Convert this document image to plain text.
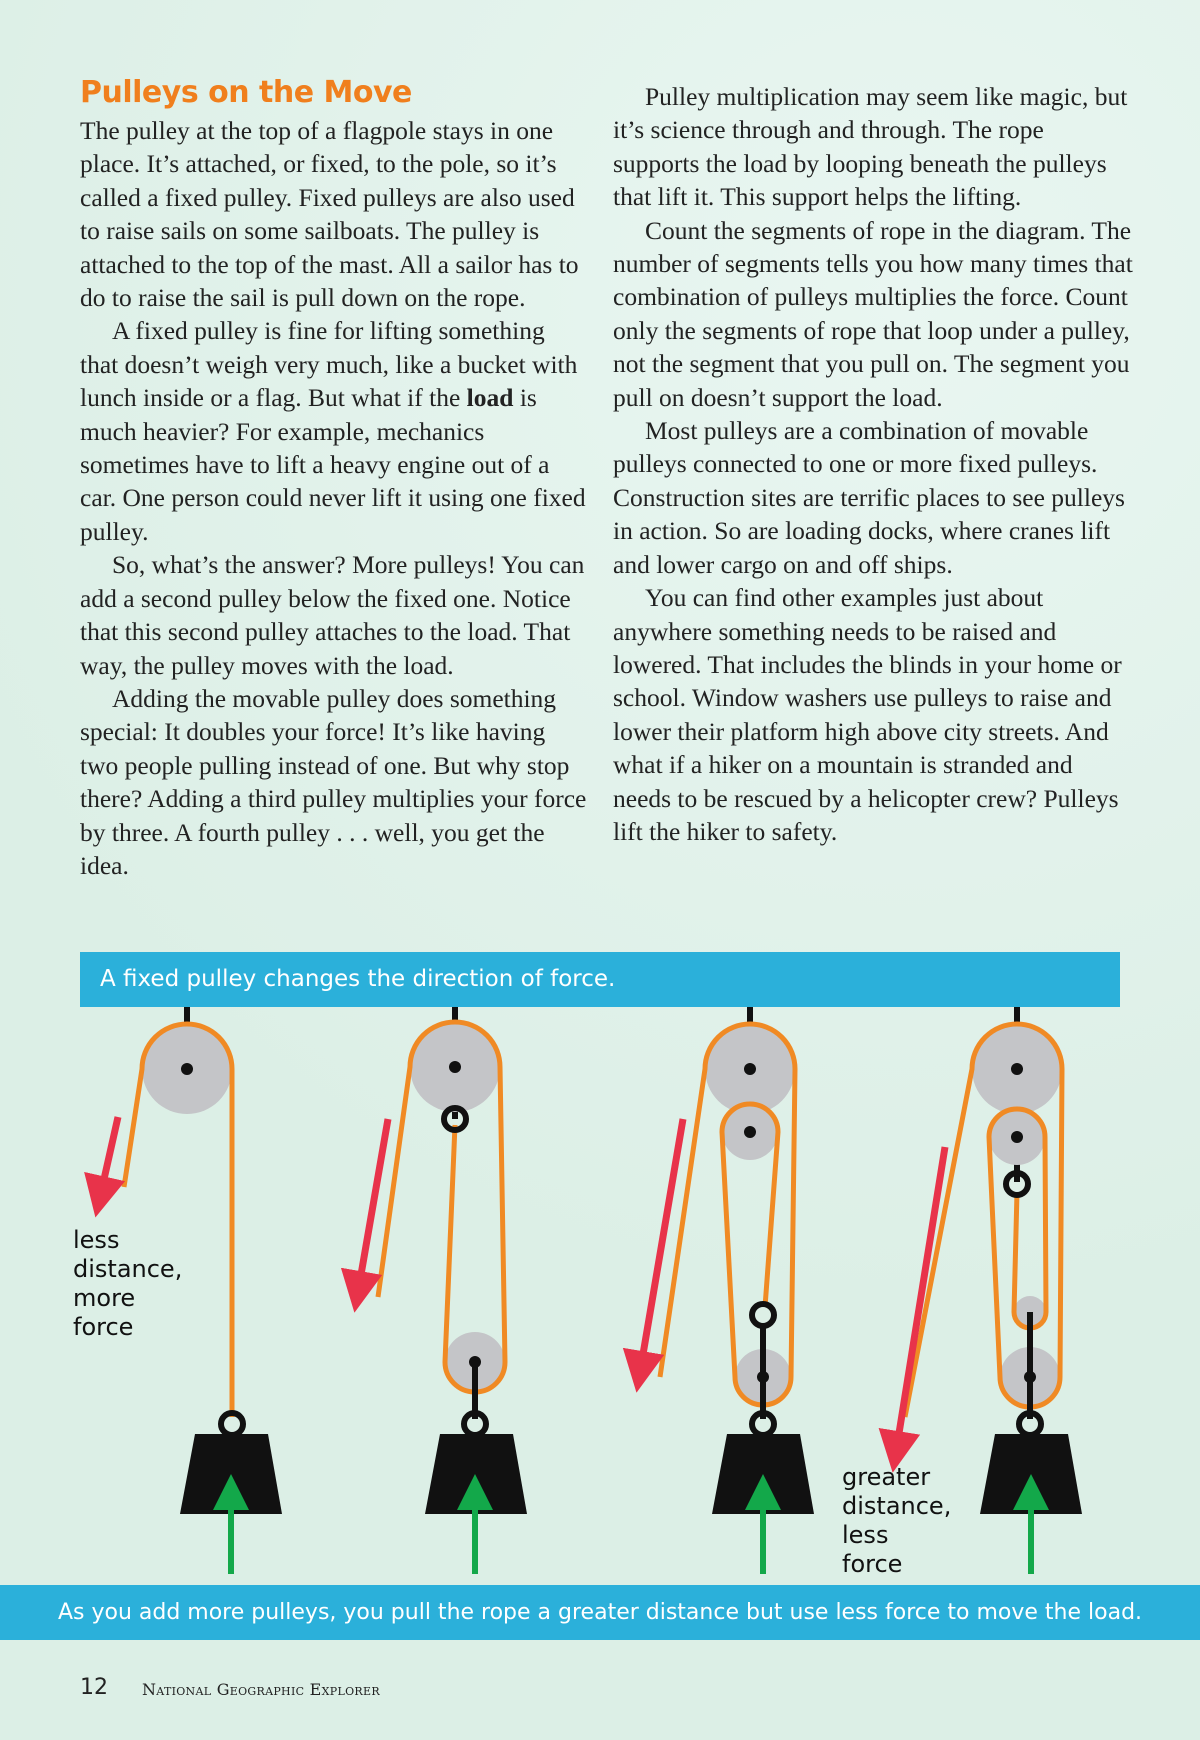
Pulleys on the Move

The pulley at the top of a flagpole stays in one place. It’s attached, or fixed, to the pole, so it’s called a fixed pulley. Fixed pulleys are also used to raise sails on some sailboats. The pulley is attached to the top of the mast. All a sailor has to do to raise the sail is pull down on the rope.

A fixed pulley is fine for lifting something that doesn’t weigh very much, like a bucket with lunch inside or a flag. But what if the load is much heavier? For example, mechanics sometimes have to lift a heavy engine out of a car. One person could never lift it using one fixed pulley.

So, what’s the answer? More pulleys! You can add a second pulley below the fixed one. Notice that this second pulley attaches to the load. That way, the pulley moves with the load.

Adding the movable pulley does something special: It doubles your force! It’s like having two people pulling instead of one. But why stop there? Adding a third pulley multiplies your force by three. A fourth pulley . . . well, you get the idea.

Pulley multiplication may seem like magic, but it’s science through and through. The rope supports the load by looping beneath the pulleys that lift it. This support helps the lifting.

Count the segments of rope in the diagram. The number of segments tells you how many times that combination of pulleys multiplies the force. Count only the segments of rope that loop under a pulley, not the segment that you pull on. The segment you pull on doesn’t support the load.

Most pulleys are a combination of movable pulleys connected to one or more fixed pulleys. Construction sites are terrific places to see pulleys in action. So are loading docks, where cranes lift and lower cargo on and off ships.

You can find other examples just about anywhere something needs to be raised and lowered. That includes the blinds in your home or school. Window washers use pulleys to raise and lower their platform high above city streets. And what if a hiker on a mountain is stranded and needs to be rescued by a helicopter crew? Pulleys lift the hiker to safety.

A fixed pulley changes the direction of force.
less
distance,
more
force
greater
distance,
less
force
As you add more pulleys, you pull the rope a greater distance but use less force to move the load.
12 National Geographic Explorer
